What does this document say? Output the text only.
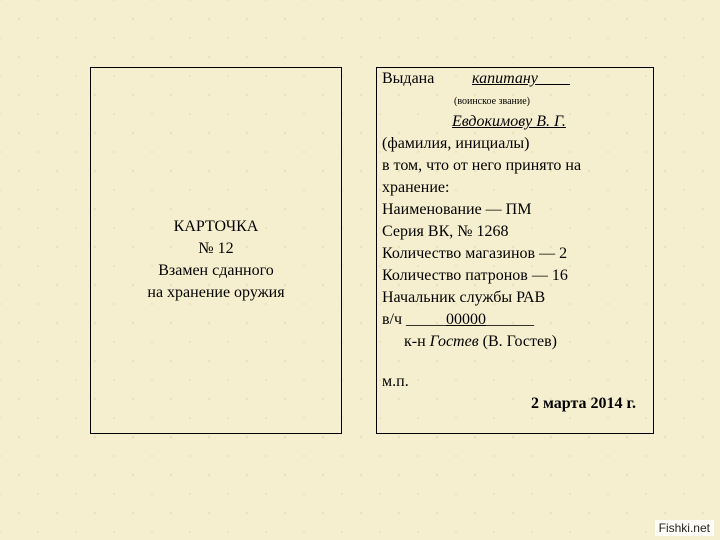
КАРТОЧКА
№ 12
Взамен сданного
на хранение оружия
Выдана капитану____
(воинское звание)
Евдокимову В. Г.
(фамилия, инициалы)
в том, что от него принято на
хранение:
Наименование — ПМ
Серия ВК, № 1268
Количество магазинов — 2
Количество патронов — 16
Начальник службы РАВ
в/ч _____00000______
к-н Гостев (В. Гостев)
м.п.
2 марта 2014 г.
Fishki.net
